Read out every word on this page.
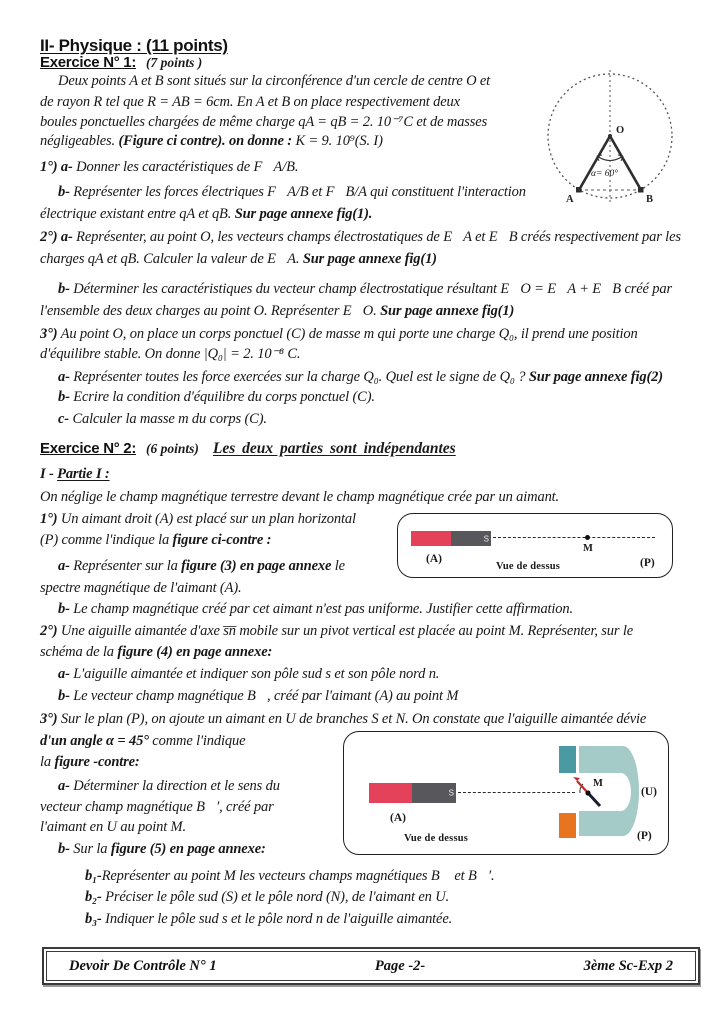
II- Physique : (11 points)
Exercice N° 1: (7 points )
Deux points A et B sont situés sur la circonférence d'un cercle de centre O et
de rayon R tel que R = AB = 6cm. En A et B on place respectivement deux
boules ponctuelles chargées de même charge qA = qB = 2. 10⁻⁷C et de masses
négligeables. (Figure ci contre). on donne : K = 9. 10⁹(S. I)
1°) a- Donner les caractéristiques de F⃗A/B.
b- Représenter les forces électriques F⃗A/B et F⃗B/A qui constituent l'interaction
électrique existant entre qA et qB. Sur page annexe fig(1).
2°) a- Représenter, au point O, les vecteurs champs électrostatiques de E⃗A et E⃗B créés respectivement par les
charges qA et qB. Calculer la valeur de E⃗A. Sur page annexe fig(1)
b- Déterminer les caractéristiques du vecteur champ électrostatique résultant E⃗O = E⃗A + E⃗B créé par
l'ensemble des deux charges au point O. Représenter E⃗O. Sur page annexe fig(1)
3°) Au point O, on place un corps ponctuel (C) de masse m qui porte une charge Q₀, il prend une position
d'équilibre stable. On donne |Q₀| = 2. 10⁻⁸ C.
a- Représenter toutes les force exercées sur la charge Q₀. Quel est le signe de Q₀ ? Sur page annexe fig(2)
b- Ecrire la condition d'équilibre du corps ponctuel (C).
c- Calculer la masse m du corps (C).
O
A	B
α= 60°
Exercice N° 2: (6 points) Les deux parties sont indépendantes
I - Partie I :
On néglige le champ magnétique terrestre devant le champ magnétique crée par un aimant.
1°) Un aimant droit (A) est placé sur un plan horizontal
(P) comme l'indique la figure ci-contre :
a- Représenter sur la figure (3) en page annexe le
spectre magnétique de l'aimant (A).
b- Le champ magnétique créé par cet aimant n'est pas uniforme. Justifier cette affirmation.
2°) Une aiguille aimantée d'axe s̅n̅ mobile sur un pivot vertical est placée au point M. Représenter, sur le
schéma de la figure (4) en page annexe:
a- L'aiguille aimantée et indiquer son pôle sud s et son pôle nord n.
b- Le vecteur champ magnétique B⃗, créé par l'aimant (A) au point M
3°) Sur le plan (P), on ajoute un aimant en U de branches S et N. On constate que l'aiguille aimantée dévie
d'un angle α = 45° comme l'indique
la figure -contre:
a- Déterminer la direction et le sens du
vecteur champ magnétique B⃗′, créé par
l'aimant en U au point M.
b- Sur la figure (5) en page annexe:
b₁-Représenter au point M les vecteurs champs magnétiques B⃗ et B⃗′.
b₂- Préciser le pôle sud (S) et le pôle nord (N), de l'aimant en U.
b₃- Indiquer le pôle sud s et le pôle nord n de l'aiguille aimantée.
S
M
(A)
Vue de dessus	(P)
S
M
(A)
Vue de dessus
(U)
(P)
Devoir De Contrôle N° 1	Page -2-	3ème Sc-Exp 2
